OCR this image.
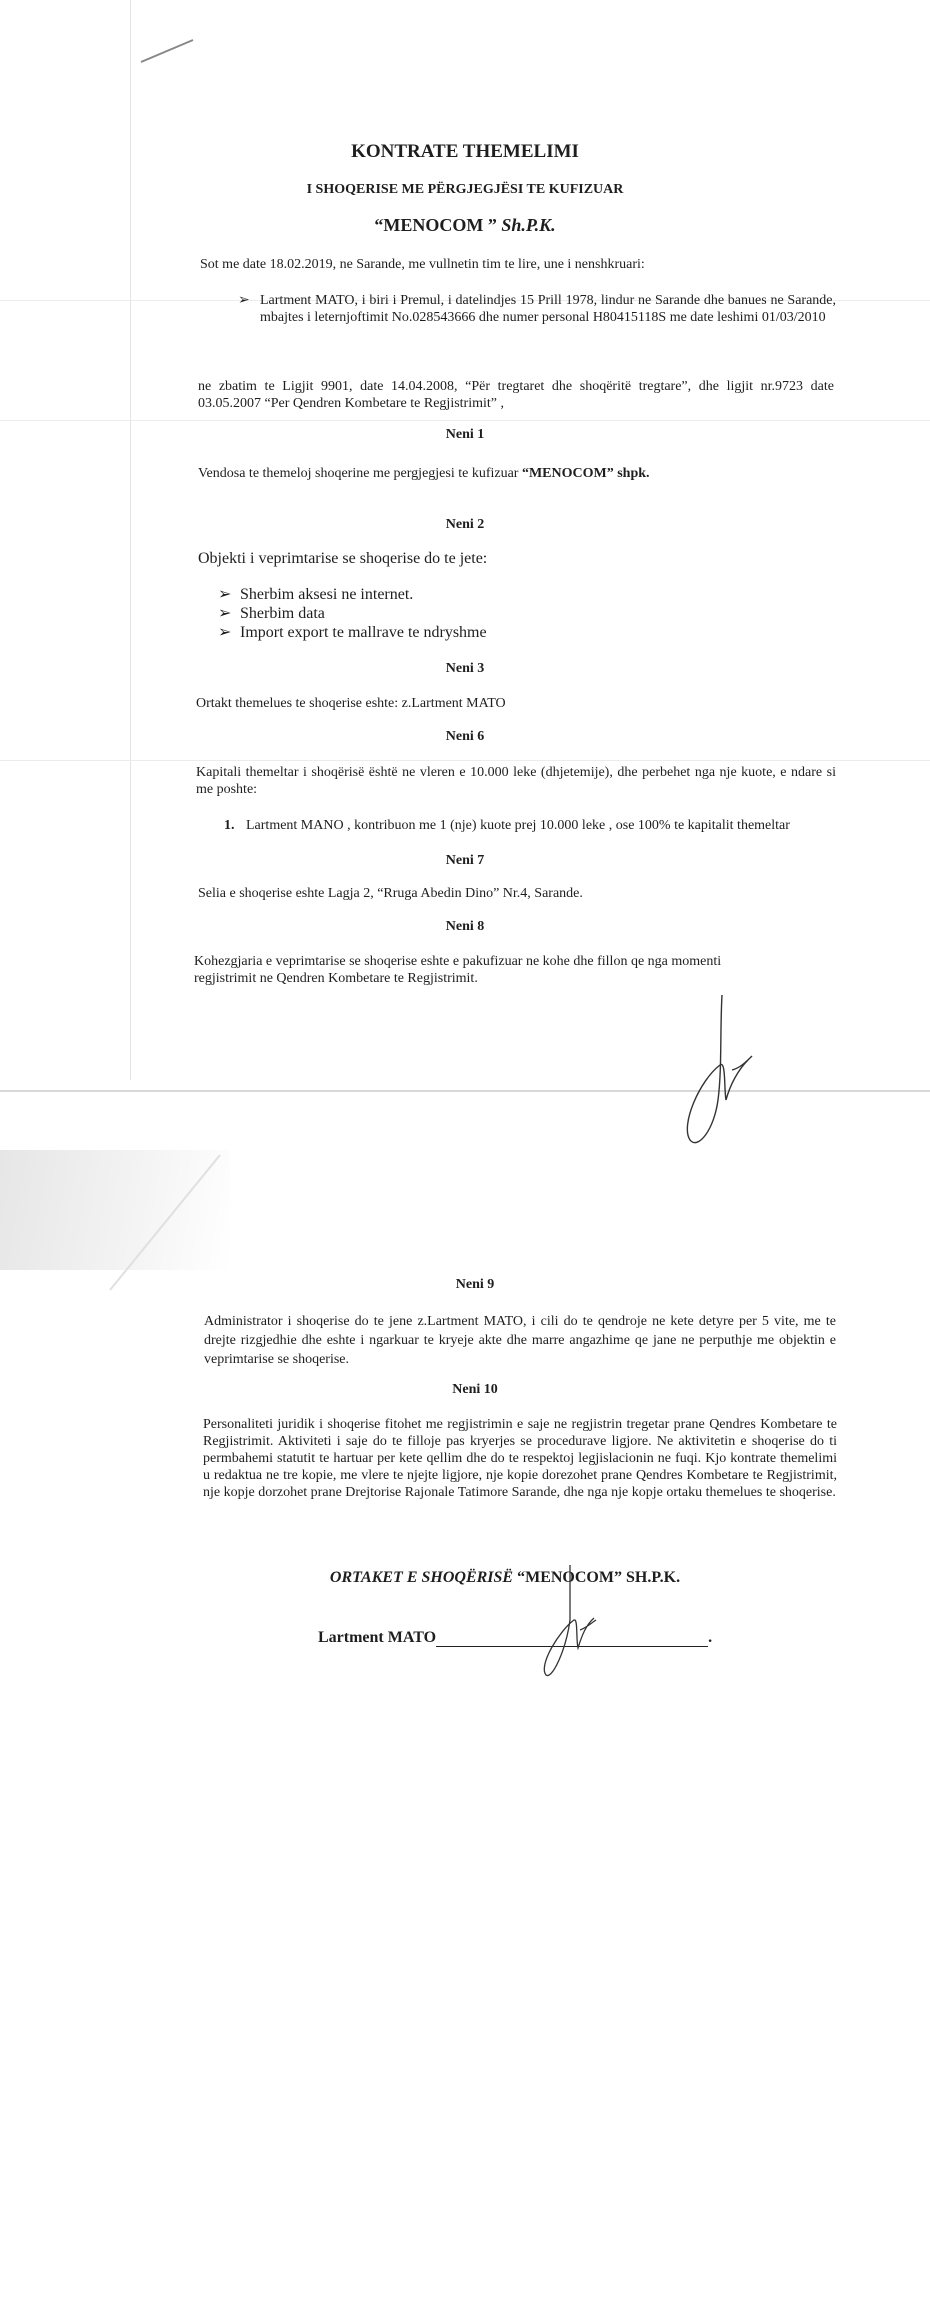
KONTRATE THEMELIMI
I SHOQERISE ME PËRGJEGJËSI TE KUFIZUAR
“MENOCOM ” Sh.P.K.
Sot me date 18.02.2019, ne Sarande, me vullnetin tim te lire, une i nenshkruari:
➢ Lartment MATO, i biri i Premul, i datelindjes 15 Prill 1978, lindur ne Sarande dhe banues ne Sarande, mbajtes i leternjoftimit No.028543666 dhe numer personal H80415118S me date leshimi 01/03/2010
ne zbatim te Ligjit 9901, date 14.04.2008, “Për tregtaret dhe shoqëritë tregtare”, dhe ligjit nr.9723 date 03.05.2007 “Per Qendren Kombetare te Regjistrimit” ,
Neni 1
Vendosa te themeloj shoqerine me pergjegjesi te kufizuar “MENOCOM” shpk.
Neni 2
Objekti i veprimtarise se shoqerise do te jete:
➢ Sherbim aksesi ne internet.
➢ Sherbim data
➢ Import export te mallrave te ndryshme
Neni 3
Ortakt themelues te shoqerise eshte: z.Lartment MATO
Neni 6
Kapitali themeltar i shoqërisë është ne vleren e 10.000 leke (dhjetemije), dhe perbehet nga nje kuote, e ndare si me poshte:
1. Lartment MANO , kontribuon me 1 (nje) kuote prej 10.000 leke , ose 100% te kapitalit themeltar
Neni 7
Selia e shoqerise eshte Lagja 2, “Rruga Abedin Dino” Nr.4, Sarande.
Neni 8
Kohezgjaria e veprimtarise se shoqerise eshte e pakufizuar ne kohe dhe fillon qe nga momenti regjistrimit ne Qendren Kombetare te Regjistrimit.
Neni 9
Administrator i shoqerise do te jene z.Lartment MATO, i cili do te qendroje ne kete detyre per 5 vite, me te drejte rizgjedhie dhe eshte i ngarkuar te kryeje akte dhe marre angazhime qe jane ne perputhje me objektin e veprimtarise se shoqerise.
Neni 10
Personaliteti juridik i shoqerise fitohet me regjistrimin e saje ne regjistrin tregetar prane Qendres Kombetare te Regjistrimit. Aktiviteti i saje do te filloje pas kryerjes se procedurave ligjore. Ne aktivitetin e shoqerise do ti permbahemi statutit te hartuar per kete qellim dhe do te respektoj legjislacionin ne fuqi. Kjo kontrate themelimi u redaktua ne tre kopie, me vlere te njejte ligjore, nje kopie dorezohet prane Qendres Kombetare te Regjistrimit, nje kopje dorzohet prane Drejtorise Rajonale Tatimore Sarande, dhe nga nje kopje ortaku themelues te shoqerise.
ORTAKET E SHOQËRISË “MENOCOM” SH.P.K.
Lartment MATO	.
